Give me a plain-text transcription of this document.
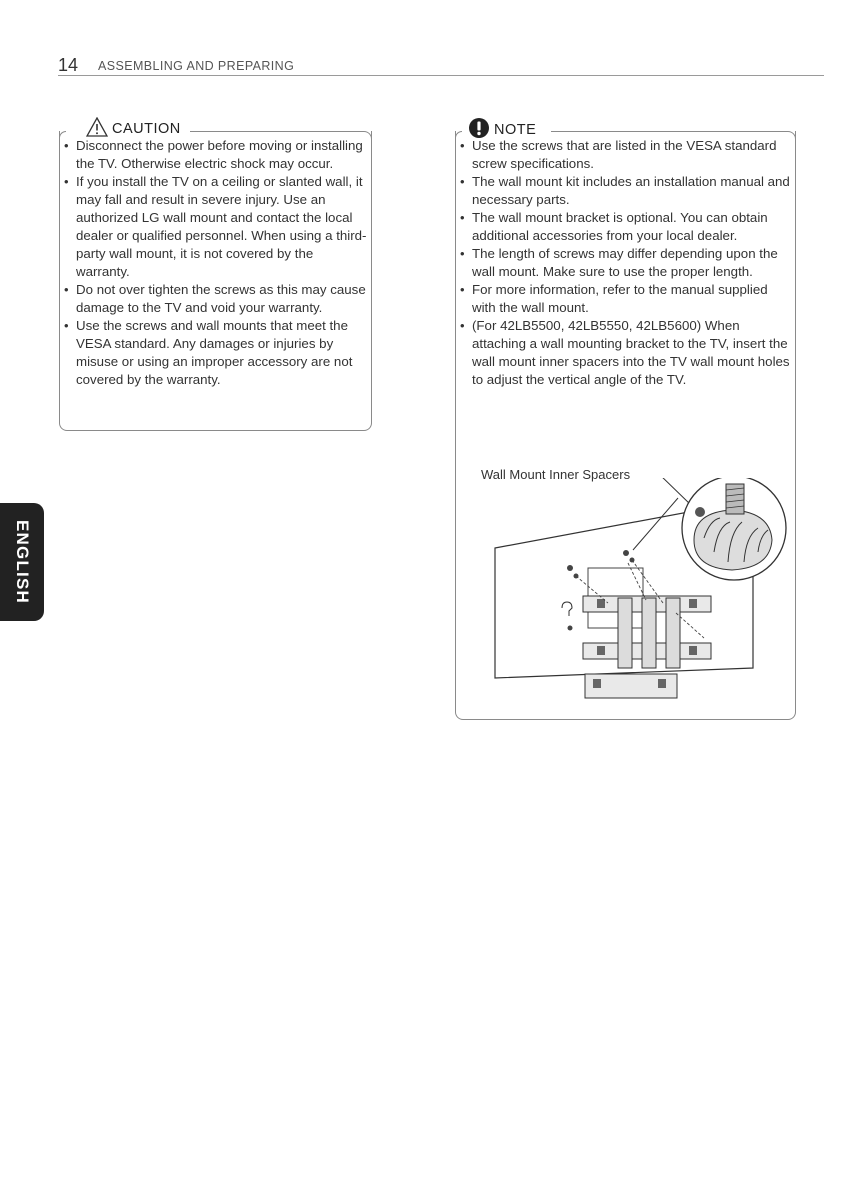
14 ASSEMBLING AND PREPARING
CAUTION
• Disconnect the power before moving or installing the TV. Otherwise electric shock may occur.
• If you install the TV on a ceiling or slanted wall, it may fall and result in severe injury. Use an authorized LG wall mount and contact the local dealer or qualified personnel. When using a third-party wall mount, it is not covered by the warranty.
• Do not over tighten the screws as this may cause damage to the TV and void your warranty.
• Use the screws and wall mounts that meet the VESA standard. Any damages or injuries by misuse or using an improper accessory are not covered by the warranty.
NOTE
• Use the screws that are listed in the VESA standard screw specifications.
• The wall mount kit includes an installation manual and necessary parts.
• The wall mount bracket is optional. You can obtain additional accessories from your local dealer.
• The length of screws may differ depending upon the wall mount. Make sure to use the proper length.
• For more information, refer to the manual supplied with the wall mount.
• (For 42LB5500, 42LB5550, 42LB5600) When attaching a wall mounting bracket to the TV, insert the wall mount inner spacers into the TV wall mount holes to adjust the vertical angle of the TV.
Wall Mount Inner Spacers
ENGLISH
